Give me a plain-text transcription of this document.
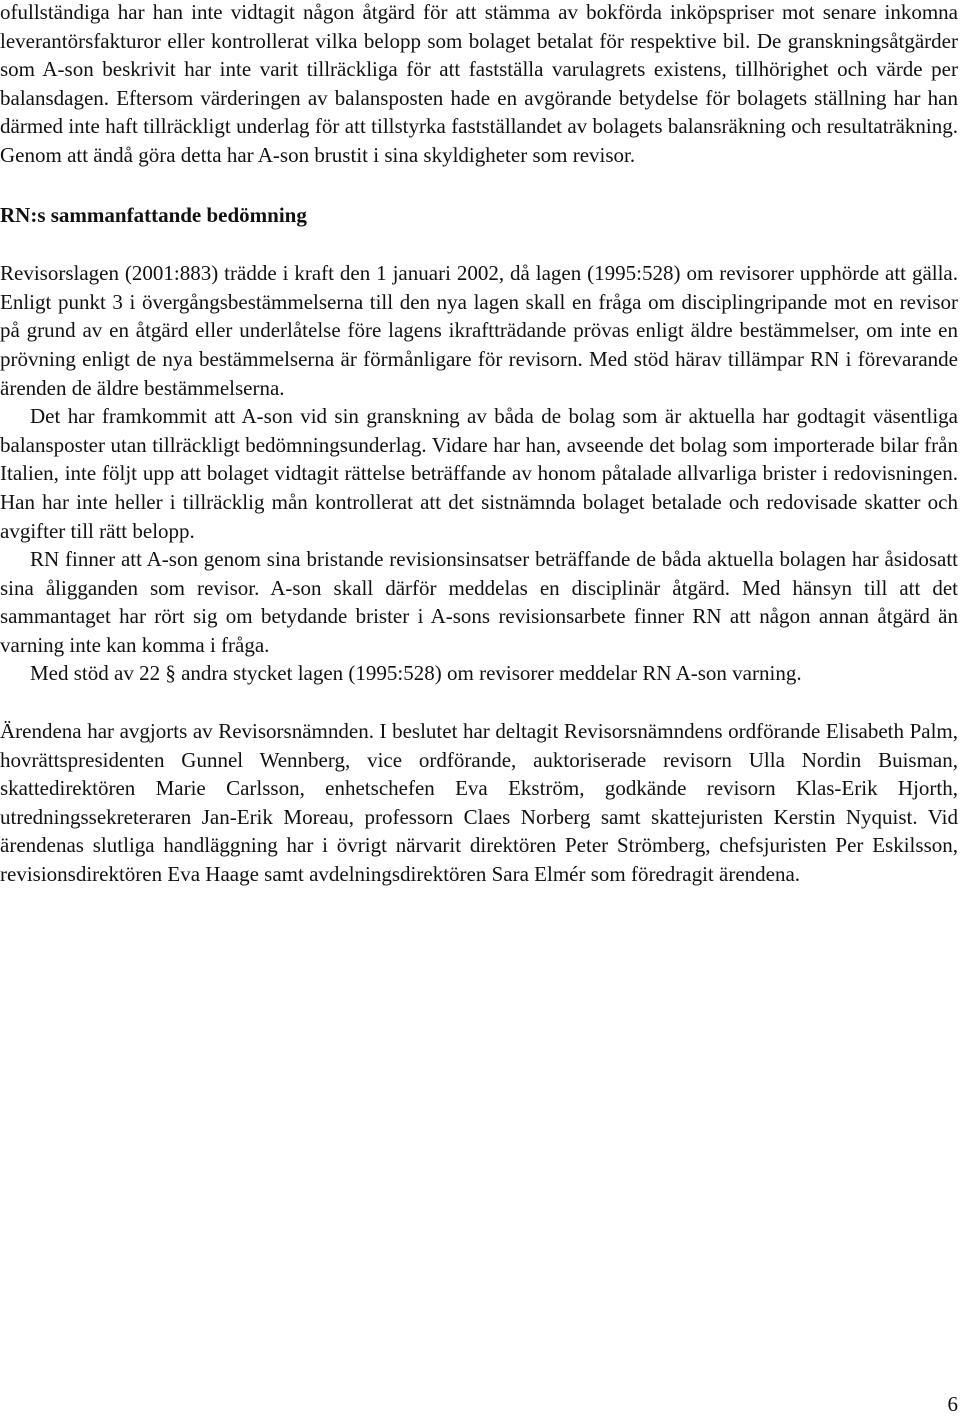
ofullständiga har han inte vidtagit någon åtgärd för att stämma av bokförda inköpspriser mot senare inkomna leverantörsfakturor eller kontrollerat vilka belopp som bolaget betalat för respektive bil. De granskningsåtgärder som A-son beskrivit har inte varit tillräckliga för att fastställa varulagrets existens, tillhörighet och värde per balansdagen. Eftersom värderingen av balansposten hade en avgörande betydelse för bolagets ställning har han därmed inte haft tillräckligt underlag för att tillstyrka fastställandet av bolagets balansräkning och resultaträkning. Genom att ändå göra detta har A-son brustit i sina skyldigheter som revisor.

RN:s sammanfattande bedömning

Revisorslagen (2001:883) trädde i kraft den 1 januari 2002, då lagen (1995:528) om revisorer upphörde att gälla. Enligt punkt 3 i övergångsbestämmelserna till den nya lagen skall en fråga om disciplingripande mot en revisor på grund av en åtgärd eller underlåtelse före lagens ikraftträdande prövas enligt äldre bestämmelser, om inte en prövning enligt de nya bestämmelserna är förmånligare för revisorn. Med stöd härav tillämpar RN i förevarande ärenden de äldre bestämmelserna.

Det har framkommit att A-son vid sin granskning av båda de bolag som är aktuella har godtagit väsentliga balansposter utan tillräckligt bedömningsunderlag. Vidare har han, avseende det bolag som importerade bilar från Italien, inte följt upp att bolaget vidtagit rättelse beträffande av honom påtalade allvarliga brister i redovisningen. Han har inte heller i tillräcklig mån kontrollerat att det sistnämnda bolaget betalade och redovisade skatter och avgifter till rätt belopp.

RN finner att A-son genom sina bristande revisionsinsatser beträffande de båda aktuella bolagen har åsidosatt sina åligganden som revisor. A-son skall därför meddelas en disciplinär åtgärd. Med hänsyn till att det sammantaget har rört sig om betydande brister i A-sons revisionsarbete finner RN att någon annan åtgärd än varning inte kan komma i fråga.

Med stöd av 22 § andra stycket lagen (1995:528) om revisorer meddelar RN A-son varning.

Ärendena har avgjorts av Revisorsnämnden. I beslutet har deltagit Revisorsnämndens ordförande Elisabeth Palm, hovrättspresidenten Gunnel Wennberg, vice ordförande, auktoriserade revisorn Ulla Nordin Buisman, skattedirektören Marie Carlsson, enhetschefen Eva Ekström, godkände revisorn Klas-Erik Hjorth, utredningssekreteraren Jan-Erik Moreau, professorn Claes Norberg samt skattejuristen Kerstin Nyquist. Vid ärendenas slutliga handläggning har i övrigt närvarit direktören Peter Strömberg, chefsjuristen Per Eskilsson, revisionsdirektören Eva Haage samt avdelningsdirektören Sara Elmér som föredragit ärendena.

6
